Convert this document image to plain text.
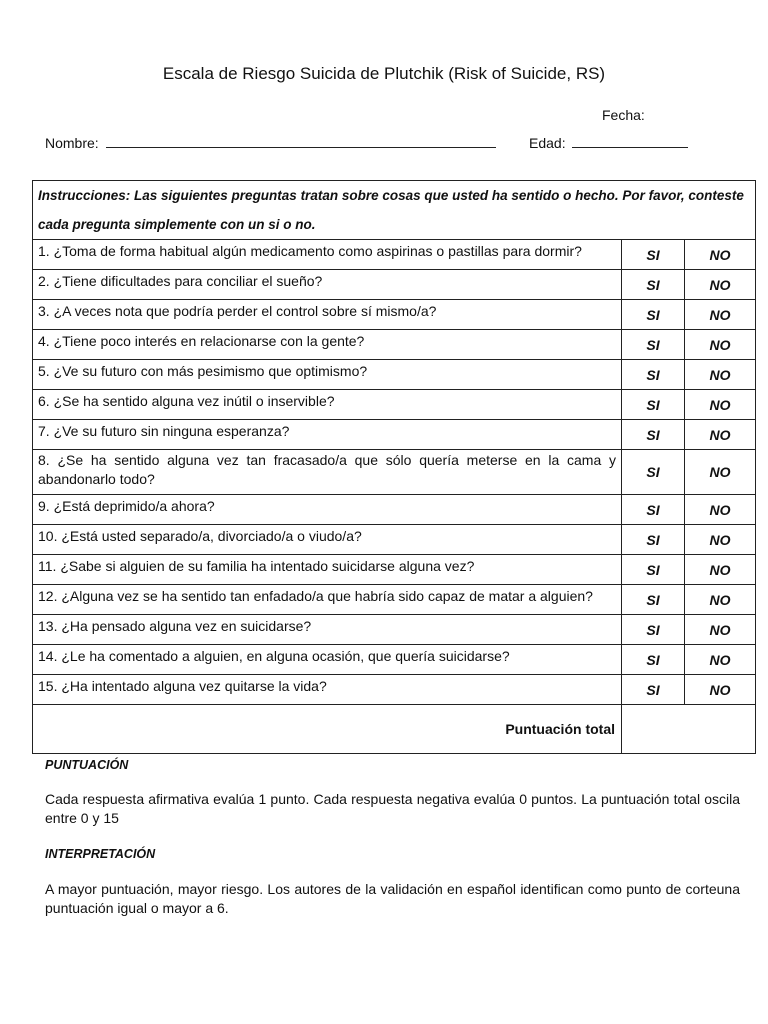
Escala de Riesgo Suicida de Plutchik (Risk of Suicide, RS)
Fecha:
Nombre:	Edad:
Instrucciones: Las siguientes preguntas tratan sobre cosas que usted ha sentido o hecho. Por favor, conteste cada pregunta simplemente con un si o no.		
1. ¿Toma de forma habitual algún medicamento como aspirinas o pastillas para dormir?	SI	NO
2. ¿Tiene dificultades para conciliar el sueño?	SI	NO
3. ¿A veces nota que podría perder el control sobre sí mismo/a?	SI	NO
4. ¿Tiene poco interés en relacionarse con la gente?	SI	NO
5. ¿Ve su futuro con más pesimismo que optimismo?	SI	NO
6. ¿Se ha sentido alguna vez inútil o inservible?	SI	NO
7. ¿Ve su futuro sin ninguna esperanza?	SI	NO
8. ¿Se ha sentido alguna vez tan fracasado/a que sólo quería meterse en la cama y abandonarlo todo?	SI	NO
9. ¿Está deprimido/a ahora?	SI	NO
10. ¿Está usted separado/a, divorciado/a o viudo/a?	SI	NO
11. ¿Sabe si alguien de su familia ha intentado suicidarse alguna vez?	SI	NO
12. ¿Alguna vez se ha sentido tan enfadado/a que habría sido capaz de matar a alguien?	SI	NO
13. ¿Ha pensado alguna vez en suicidarse?	SI	NO
14. ¿Le ha comentado a alguien, en alguna ocasión, que quería suicidarse?	SI	NO
15. ¿Ha intentado alguna vez quitarse la vida?	SI	NO
Puntuación total		
PUNTUACIÓN
Cada respuesta afirmativa evalúa 1 punto. Cada respuesta negativa evalúa 0 puntos. La puntuación total oscila entre 0 y 15
INTERPRETACIÓN
A mayor puntuación, mayor riesgo. Los autores de la validación en español identifican como punto de corteuna puntuación igual o mayor a 6.
